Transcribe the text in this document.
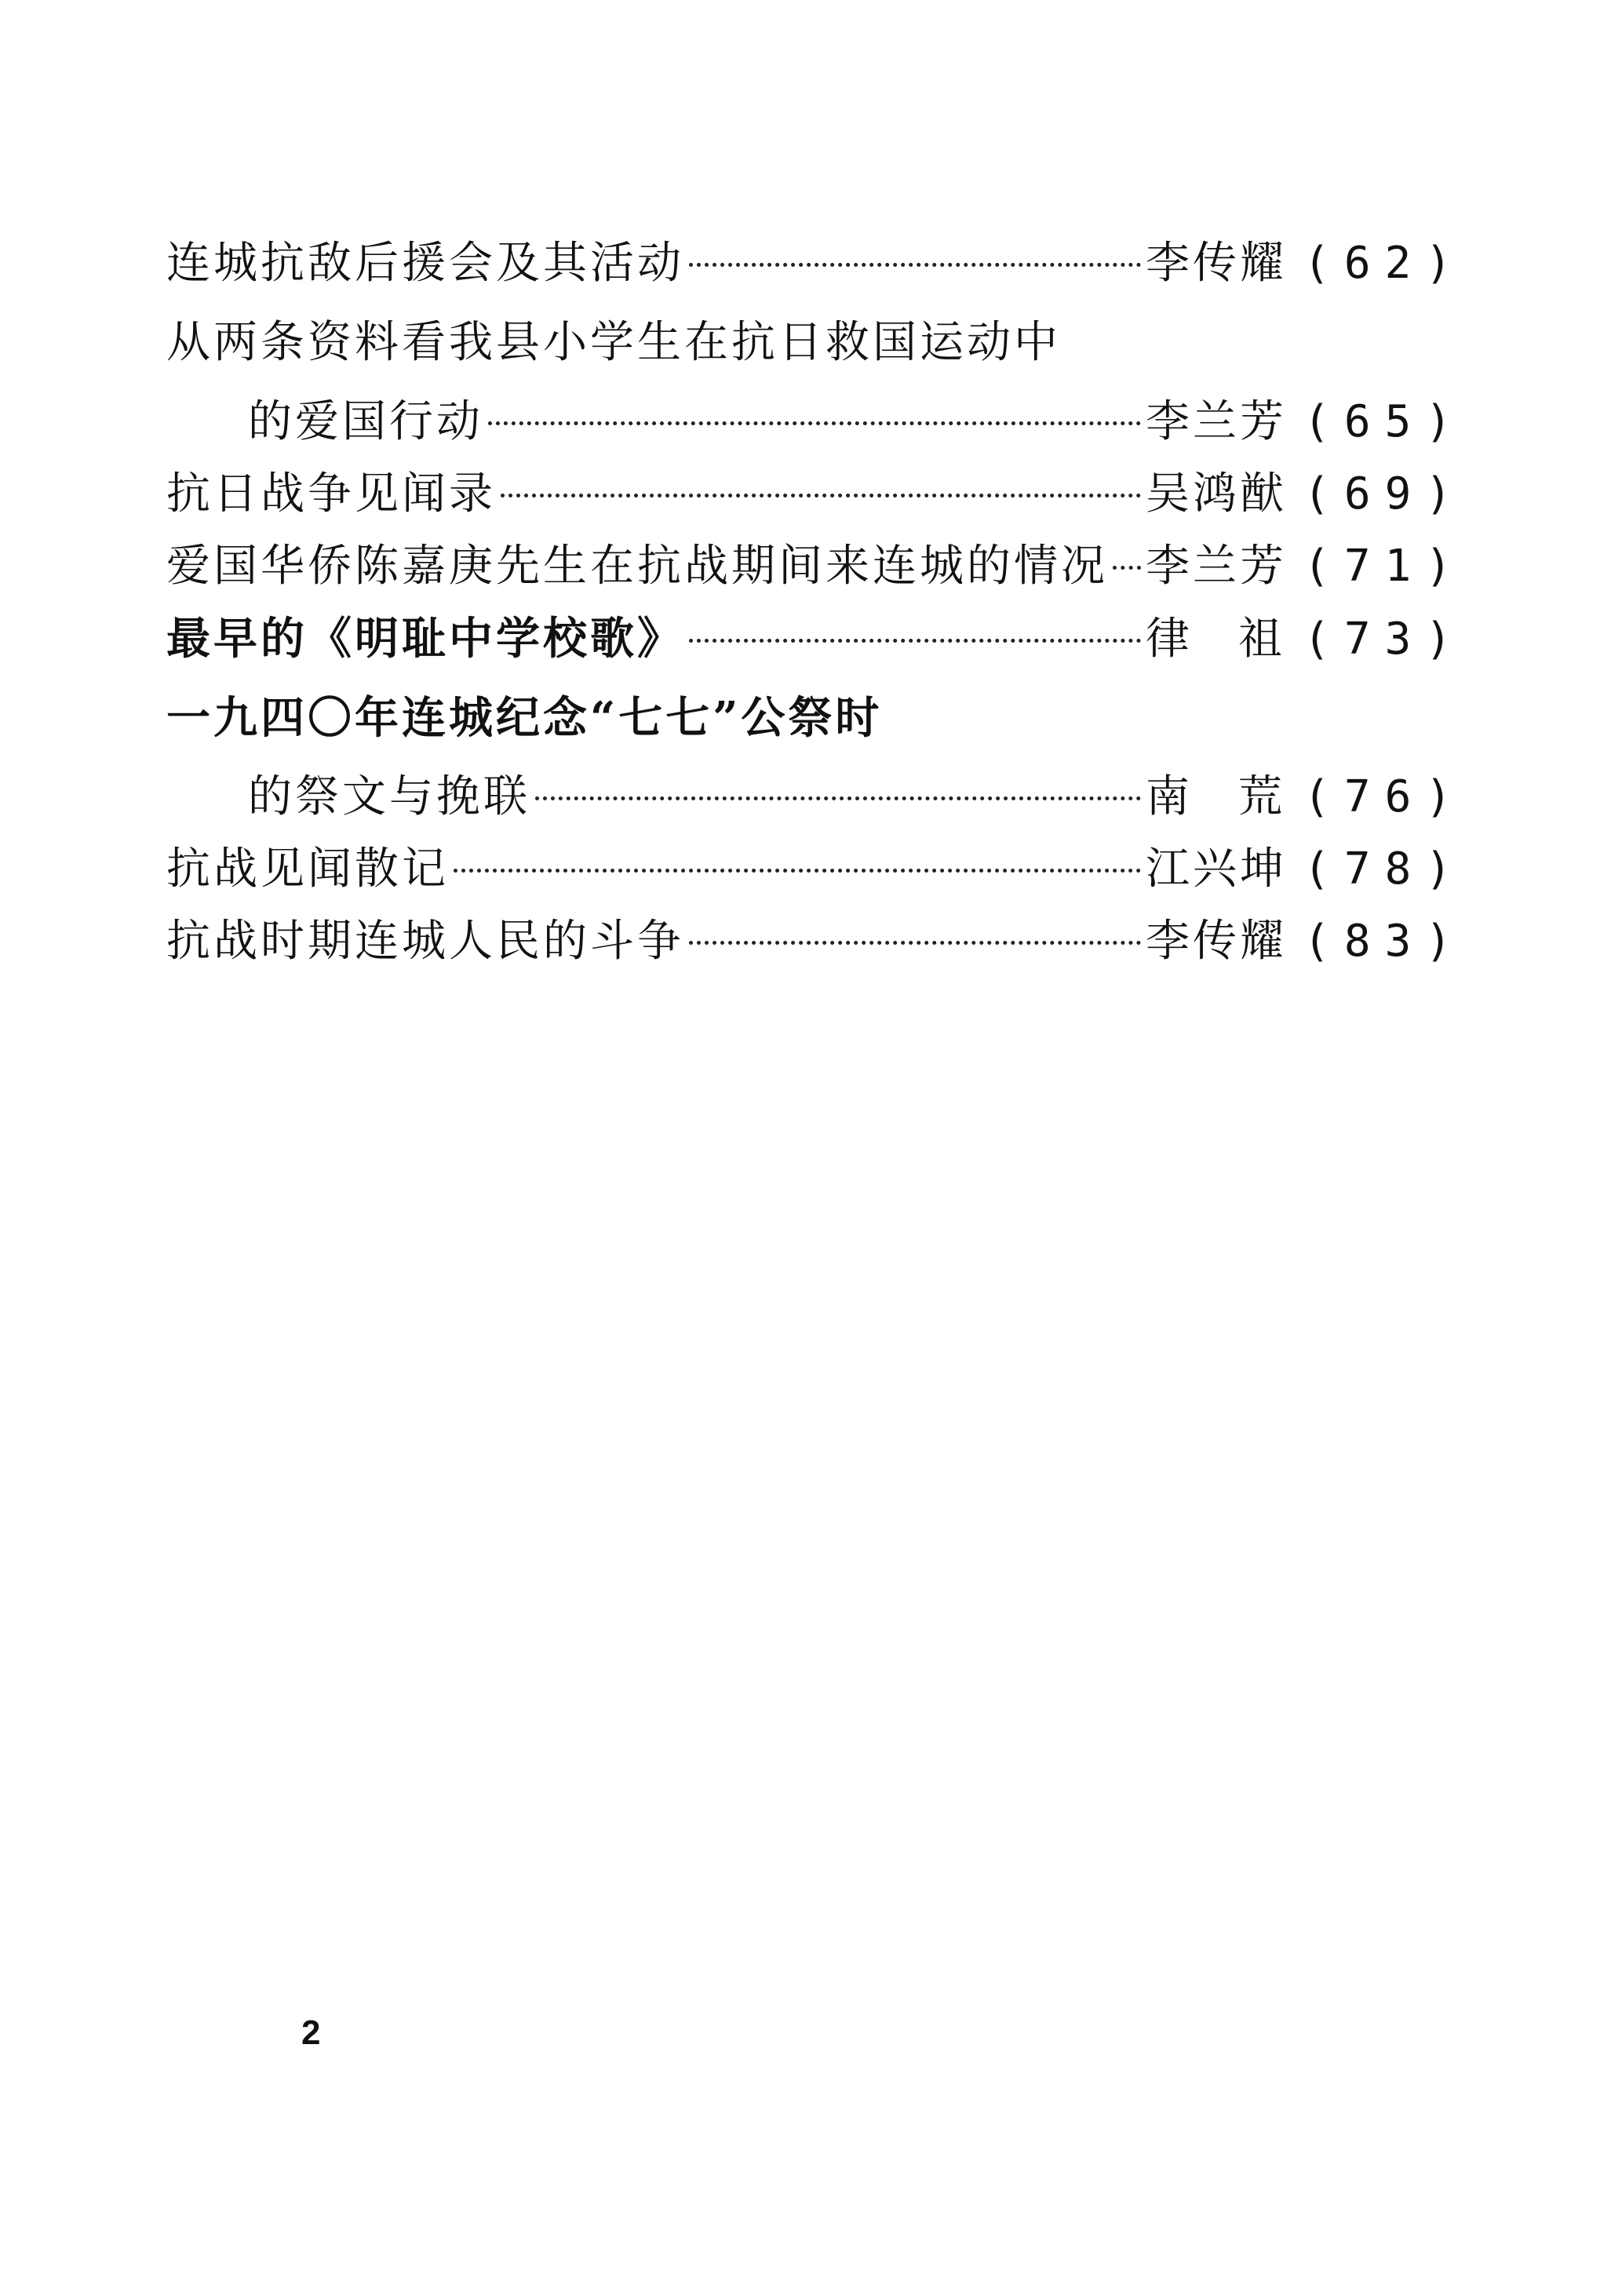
连城抗敌后援会及其活动	李传耀 (62)
从两条资料看我县小学生在抗日救国运动中
的爱国行动	李兰芳 (65)
抗日战争见闻录	吴鸿猷 (69)
爱国华侨陈嘉庚先生在抗战期间来连城的情况 李兰芳 (71)
最早的《明耻中学校歌》	律 祖 (73)
一九四〇年连城纪念“七七”公祭时
的祭文与挽联	南 荒 (76)
抗战见闻散记	江兴坤 (78)
抗战时期连城人民的斗争	李传耀 (83)
2
